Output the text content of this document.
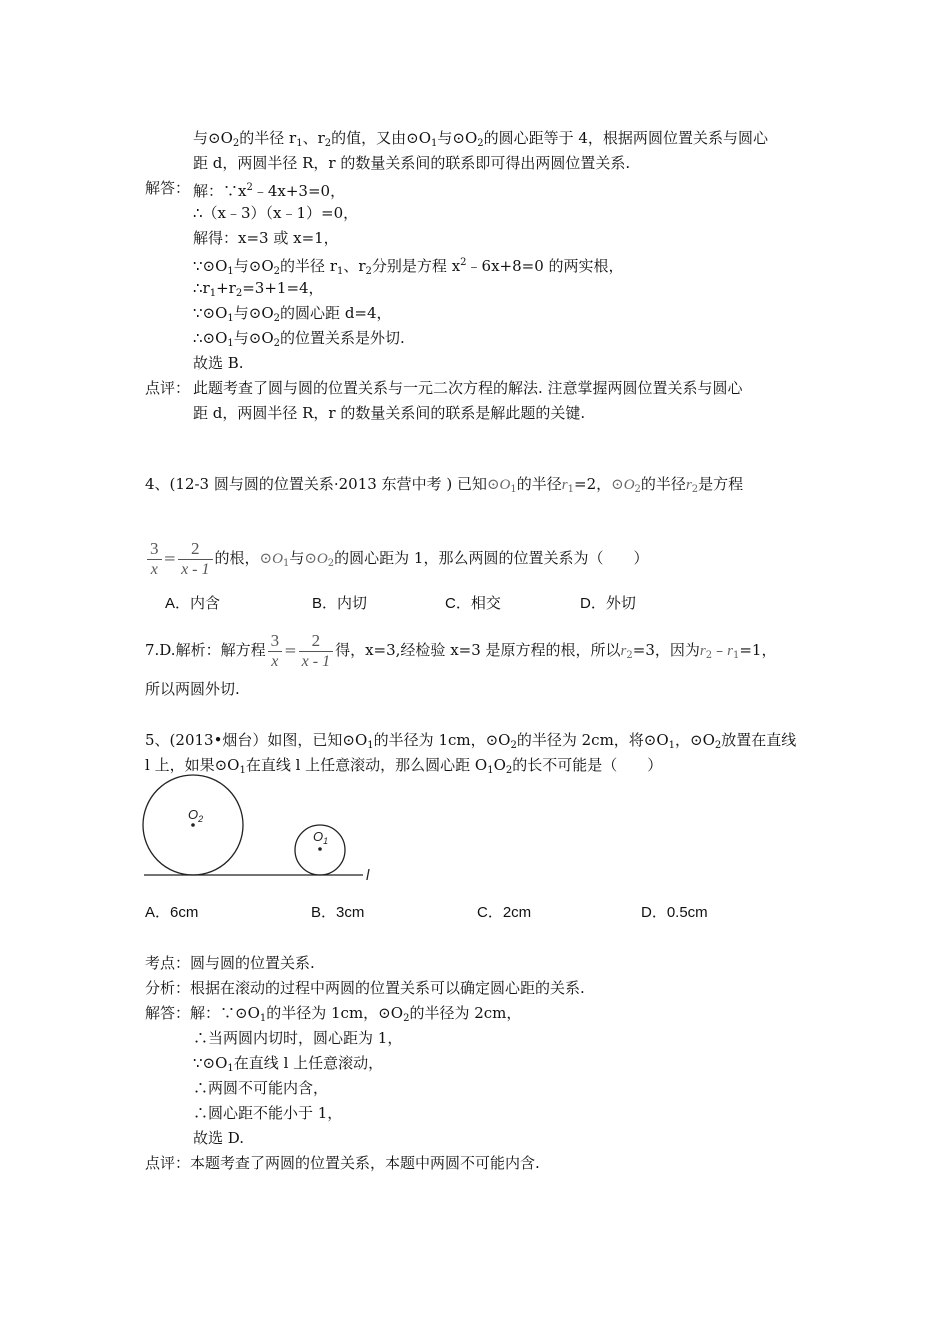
与$⊙O_2$的半径 $r_1$、$r_2$的值，又由$⊙O_1$与$⊙O_2$的圆心距等于 4，根据两圆位置关系与圆心
距 d，两圆半径 R，r 的数量关系间的联系即可得出两圆位置关系.
解答： 解：$\because x^2﹣4x+3=0$，
∴（x﹣3）（x﹣1）=0，
解得：x=3 或 x=1，
$\because⊙O_1$与$⊙O_2$的半径 $r_1$、$r_2$分别是方程 $x^2﹣6x+8=0$ 的两实根，
$\therefore r_1+r_2=3+1=4$，
$\because⊙O_1$与$⊙O_2$的圆心距 d=4，
$\therefore⊙O_1$与$⊙O_2$的位置关系是外切.
故选 B.
点评： 此题考查了圆与圆的位置关系与一元二次方程的解法. 注意掌握两圆位置关系与圆心
距 d，两圆半径 R，r 的数量关系间的联系是解此题的关键.
4、(12-3 圆与圆的位置关系·2013 东营中考 ) 已知$⊙O_1$的半径$r_1=2$，$⊙O_2$的半径$r_2$是方程
$\frac{3}{x} = \frac{2}{x - 1}$ 的根，$⊙O_1$与$⊙O_2$的圆心距为 1，那么两圆的位置关系为（　　）
A．内含	B．内切	C．相交	D．外切
7.D.解析：解方程 $\frac{3}{x} = \frac{2}{x - 1}$ 得，x=3,经检验 x=3 是原方程的根，所以$r_2=3$，因为$r_2﹣r_1=1$，
所以两圆外切.
5、(2013•烟台）如图，已知$⊙O_1$的半径为 1cm，$⊙O_2$的半径为 2cm，将$⊙O_1$，$⊙O_2$放置在直线
l 上，如果$⊙O_1$在直线 l 上任意滚动，那么圆心距 $O_1O_2$的长不可能是（　　）
$O_2$
$O_1$
l
A．6cm	B．3cm	C．2cm	D．0.5cm
考点：圆与圆的位置关系.
分析：根据在滚动的过程中两圆的位置关系可以确定圆心距的关系.
解答：解：$\because⊙O_1$的半径为 1cm，$⊙O_2$的半径为 2cm，
∴当两圆内切时，圆心距为 1，
$\because⊙O_1$在直线 l 上任意滚动，
∴两圆不可能内含，
∴圆心距不能小于 1，
故选 D.
点评：本题考查了两圆的位置关系，本题中两圆不可能内含.
